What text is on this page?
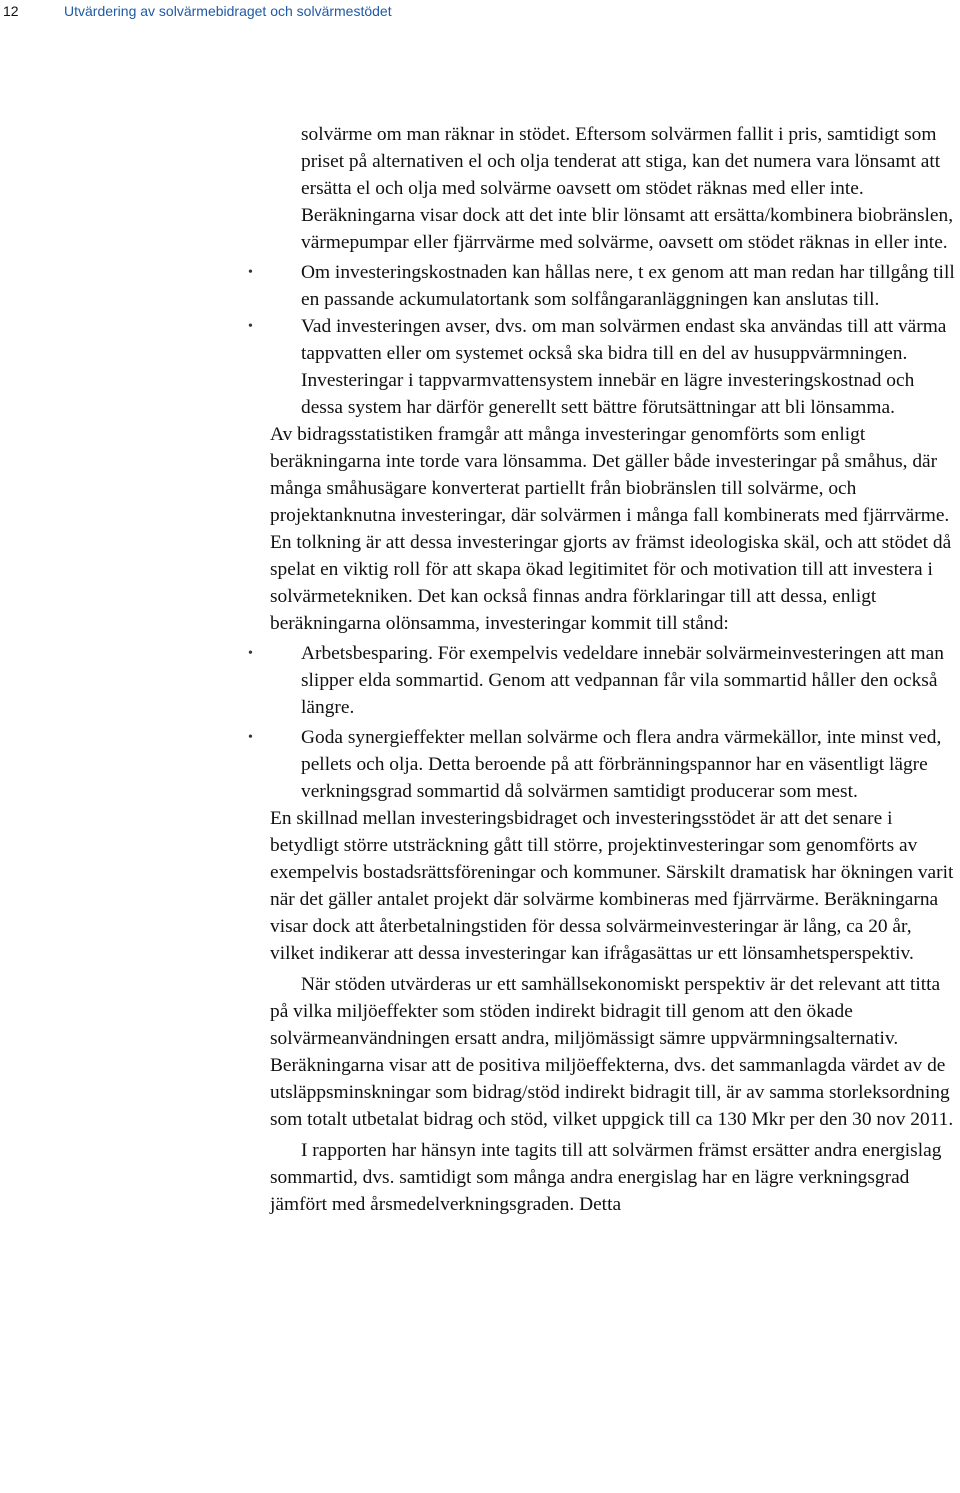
12	Utvärdering av solvärmebidraget och solvärmestödet

solvärme om man räknar in stödet. Eftersom solvärmen fallit i pris, samtidigt som priset på alternativen el och olja tenderat att stiga, kan det numera vara lönsamt att ersätta el och olja med solvärme oavsett om stödet räknas med eller inte. Beräkningarna visar dock att det inte blir lönsamt att ersätta/kombinera biobränslen, värmepumpar eller fjärrvärme med solvärme, oavsett om stödet räknas in eller inte.

• Om investeringskostnaden kan hållas nere, t ex genom att man redan har tillgång till en passande ackumulatortank som solfångaranläggningen kan anslutas till.
• Vad investeringen avser, dvs. om man solvärmen endast ska användas till att värma tappvatten eller om systemet också ska bidra till en del av husuppvärmningen. Investeringar i tappvarmvattensystem innebär en lägre investeringskostnad och dessa system har därför generellt sett bättre förutsättningar att bli lönsamma.

Av bidragsstatistiken framgår att många investeringar genomförts som enligt beräkningarna inte torde vara lönsamma. Det gäller både investeringar på småhus, där många småhusägare konverterat partiellt från biobränslen till solvärme, och projektanknutna investeringar, där solvärmen i många fall kombinerats med fjärrvärme. En tolkning är att dessa investeringar gjorts av främst ideologiska skäl, och att stödet då spelat en viktig roll för att skapa ökad legitimitet för och motivation till att investera i solvärmetekniken. Det kan också finnas andra förklaringar till att dessa, enligt beräkningarna olönsamma, investeringar kommit till stånd:

• Arbetsbesparing. För exempelvis vedeldare innebär solvärmeinvesteringen att man slipper elda sommartid. Genom att vedpannan får vila sommartid håller den också längre.
• Goda synergieffekter mellan solvärme och flera andra värmekällor, inte minst ved, pellets och olja. Detta beroende på att förbränningspannor har en väsentligt lägre verkningsgrad sommartid då solvärmen samtidigt producerar som mest.

En skillnad mellan investeringsbidraget och investeringsstödet är att det senare i betydligt större utsträckning gått till större, projektinvesteringar som genomförts av exempelvis bostadsrättsföreningar och kommuner. Särskilt dramatisk har ökningen varit när det gäller antalet projekt där solvärme kombineras med fjärrvärme. Beräkningarna visar dock att återbetalningstiden för dessa solvärmeinvesteringar är lång, ca 20 år, vilket indikerar att dessa investeringar kan ifrågasättas ur ett lönsamhetsperspektiv.

När stöden utvärderas ur ett samhällsekonomiskt perspektiv är det relevant att titta på vilka miljöeffekter som stöden indirekt bidragit till genom att den ökade solvärmeanvändningen ersatt andra, miljömässigt sämre uppvärmningsalternativ. Beräkningarna visar att de positiva miljöeffekterna, dvs. det sammanlagda värdet av de utsläppsminskningar som bidrag/stöd indirekt bidragit till, är av samma storleksordning som totalt utbetalat bidrag och stöd, vilket uppgick till ca 130 Mkr per den 30 nov 2011.

I rapporten har hänsyn inte tagits till att solvärmen främst ersätter andra energislag sommartid, dvs. samtidigt som många andra energislag har en lägre verkningsgrad jämfört med årsmedelverkningsgraden. Detta
